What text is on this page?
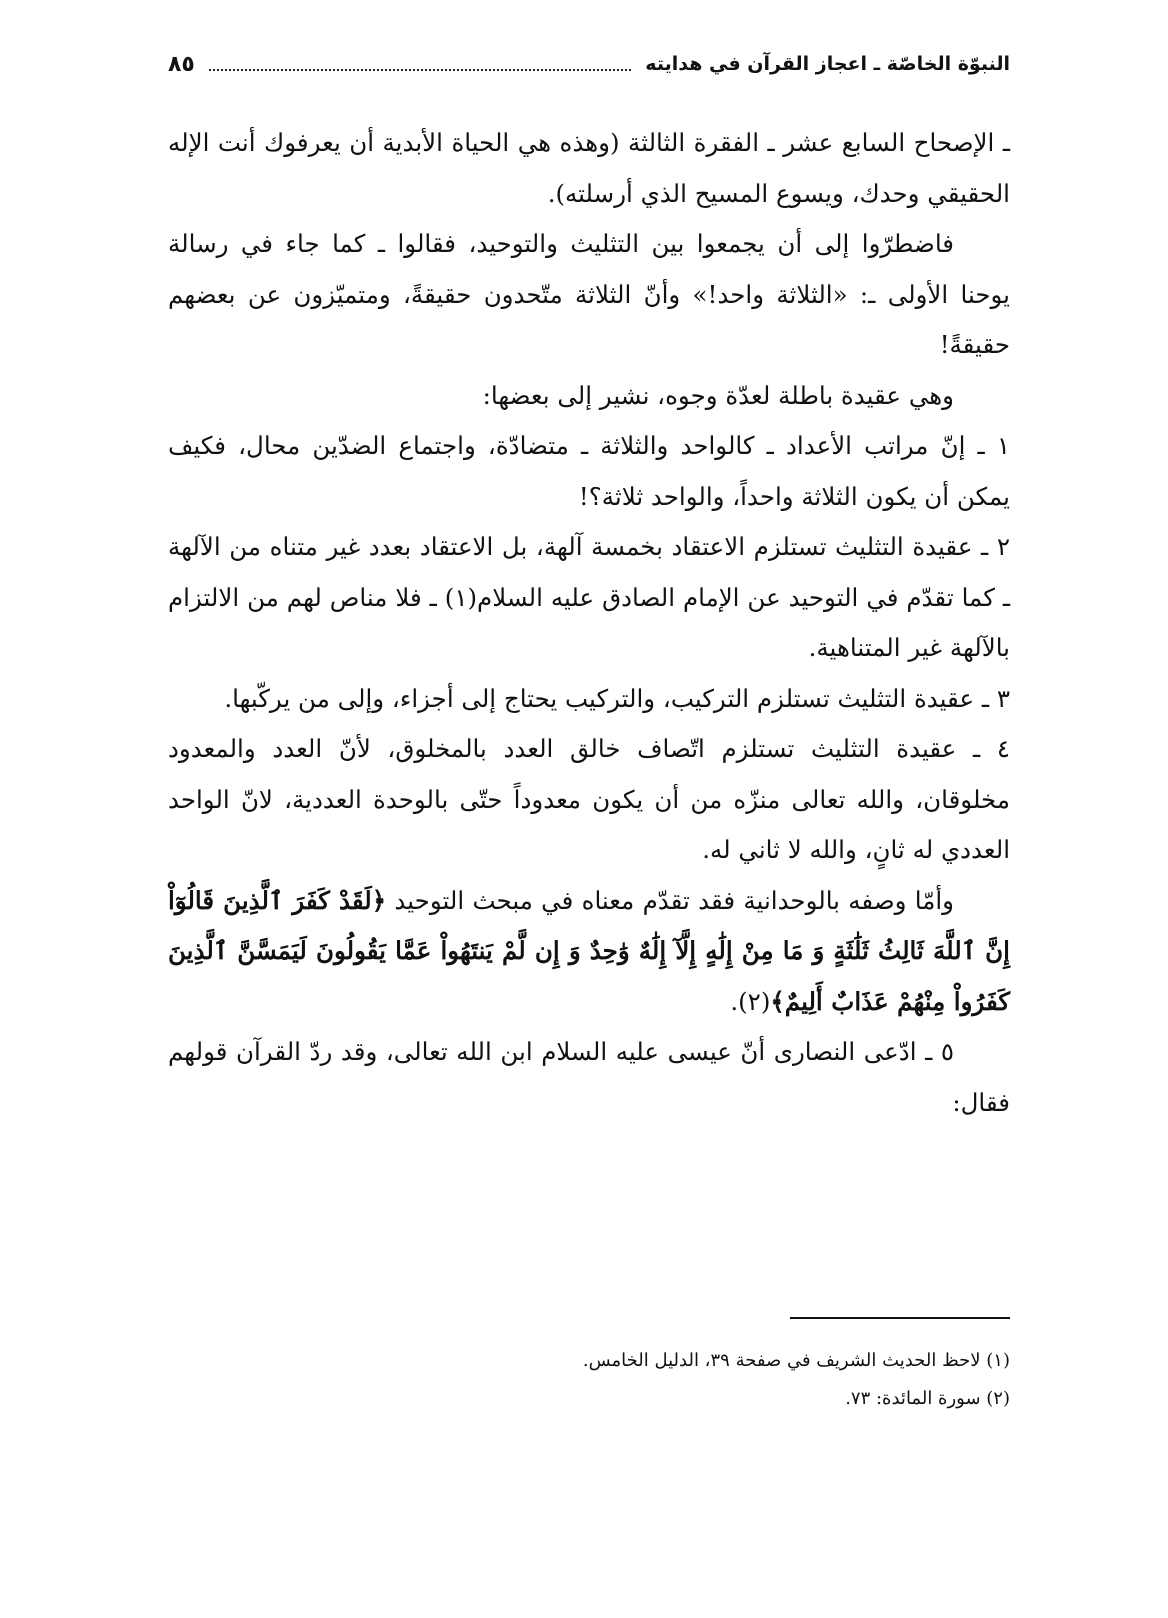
النبوّة الخاصّة ـ اعجاز القرآن في هدايته
٨٥

ـ الإصحاح السابع عشر ـ الفقرة الثالثة (وهذه هي الحياة الأبدية أن يعرفوك أنت الإله الحقيقي وحدك، ويسوع المسيح الذي أرسلته).

فاضطرّوا إلى أن يجمعوا بين التثليث والتوحيد، فقالوا ـ كما جاء في رسالة يوحنا الأولى ـ: «الثلاثة واحد!» وأنّ الثلاثة متّحدون حقيقةً، ومتميّزون عن بعضهم حقيقةً!

وهي عقيدة باطلة لعدّة وجوه، نشير إلى بعضها:

١ ـ إنّ مراتب الأعداد ـ كالواحد والثلاثة ـ متضادّة، واجتماع الضدّين محال، فكيف يمكن أن يكون الثلاثة واحداً، والواحد ثلاثة؟!

٢ ـ عقيدة التثليث تستلزم الاعتقاد بخمسة آلهة، بل الاعتقاد بعدد غير متناه من الآلهة ـ كما تقدّم في التوحيد عن الإمام الصادق عليه السلام(١) ـ فلا مناص لهم من الالتزام بالآلهة غير المتناهية.

٣ ـ عقيدة التثليث تستلزم التركيب، والتركيب يحتاج إلى أجزاء، وإلى من يركّبها.

٤ ـ عقيدة التثليث تستلزم اتّصاف خالق العدد بالمخلوق، لأنّ العدد والمعدود مخلوقان، والله تعالى منزّه من أن يكون معدوداً حتّى بالوحدة العددية، لانّ الواحد العددي له ثانٍ، والله لا ثاني له.

وأمّا وصفه بالوحدانية فقد تقدّم معناه في مبحث التوحيد ﴿لَقَدْ كَفَرَ ٱلَّذِينَ قَالُوٓاْ إِنَّ ٱللَّهَ ثَالِثُ ثَلَٰثَةٍ وَ مَا مِنْ إِلَٰهٍ إِلَّآ إِلَٰهٌ وَٰحِدٌ وَ إِن لَّمْ يَنتَهُواْ عَمَّا يَقُولُونَ لَيَمَسَّنَّ ٱلَّذِينَ كَفَرُواْ مِنْهُمْ عَذَابٌ أَلِيمٌ﴾(٢).

٥ ـ ادّعى النصارى أنّ عيسى عليه السلام ابن الله تعالى، وقد ردّ القرآن قولهم فقال:

(١) لاحظ الحديث الشريف في صفحة ٣٩، الدليل الخامس.

(٢) سورة المائدة: ٧٣.
